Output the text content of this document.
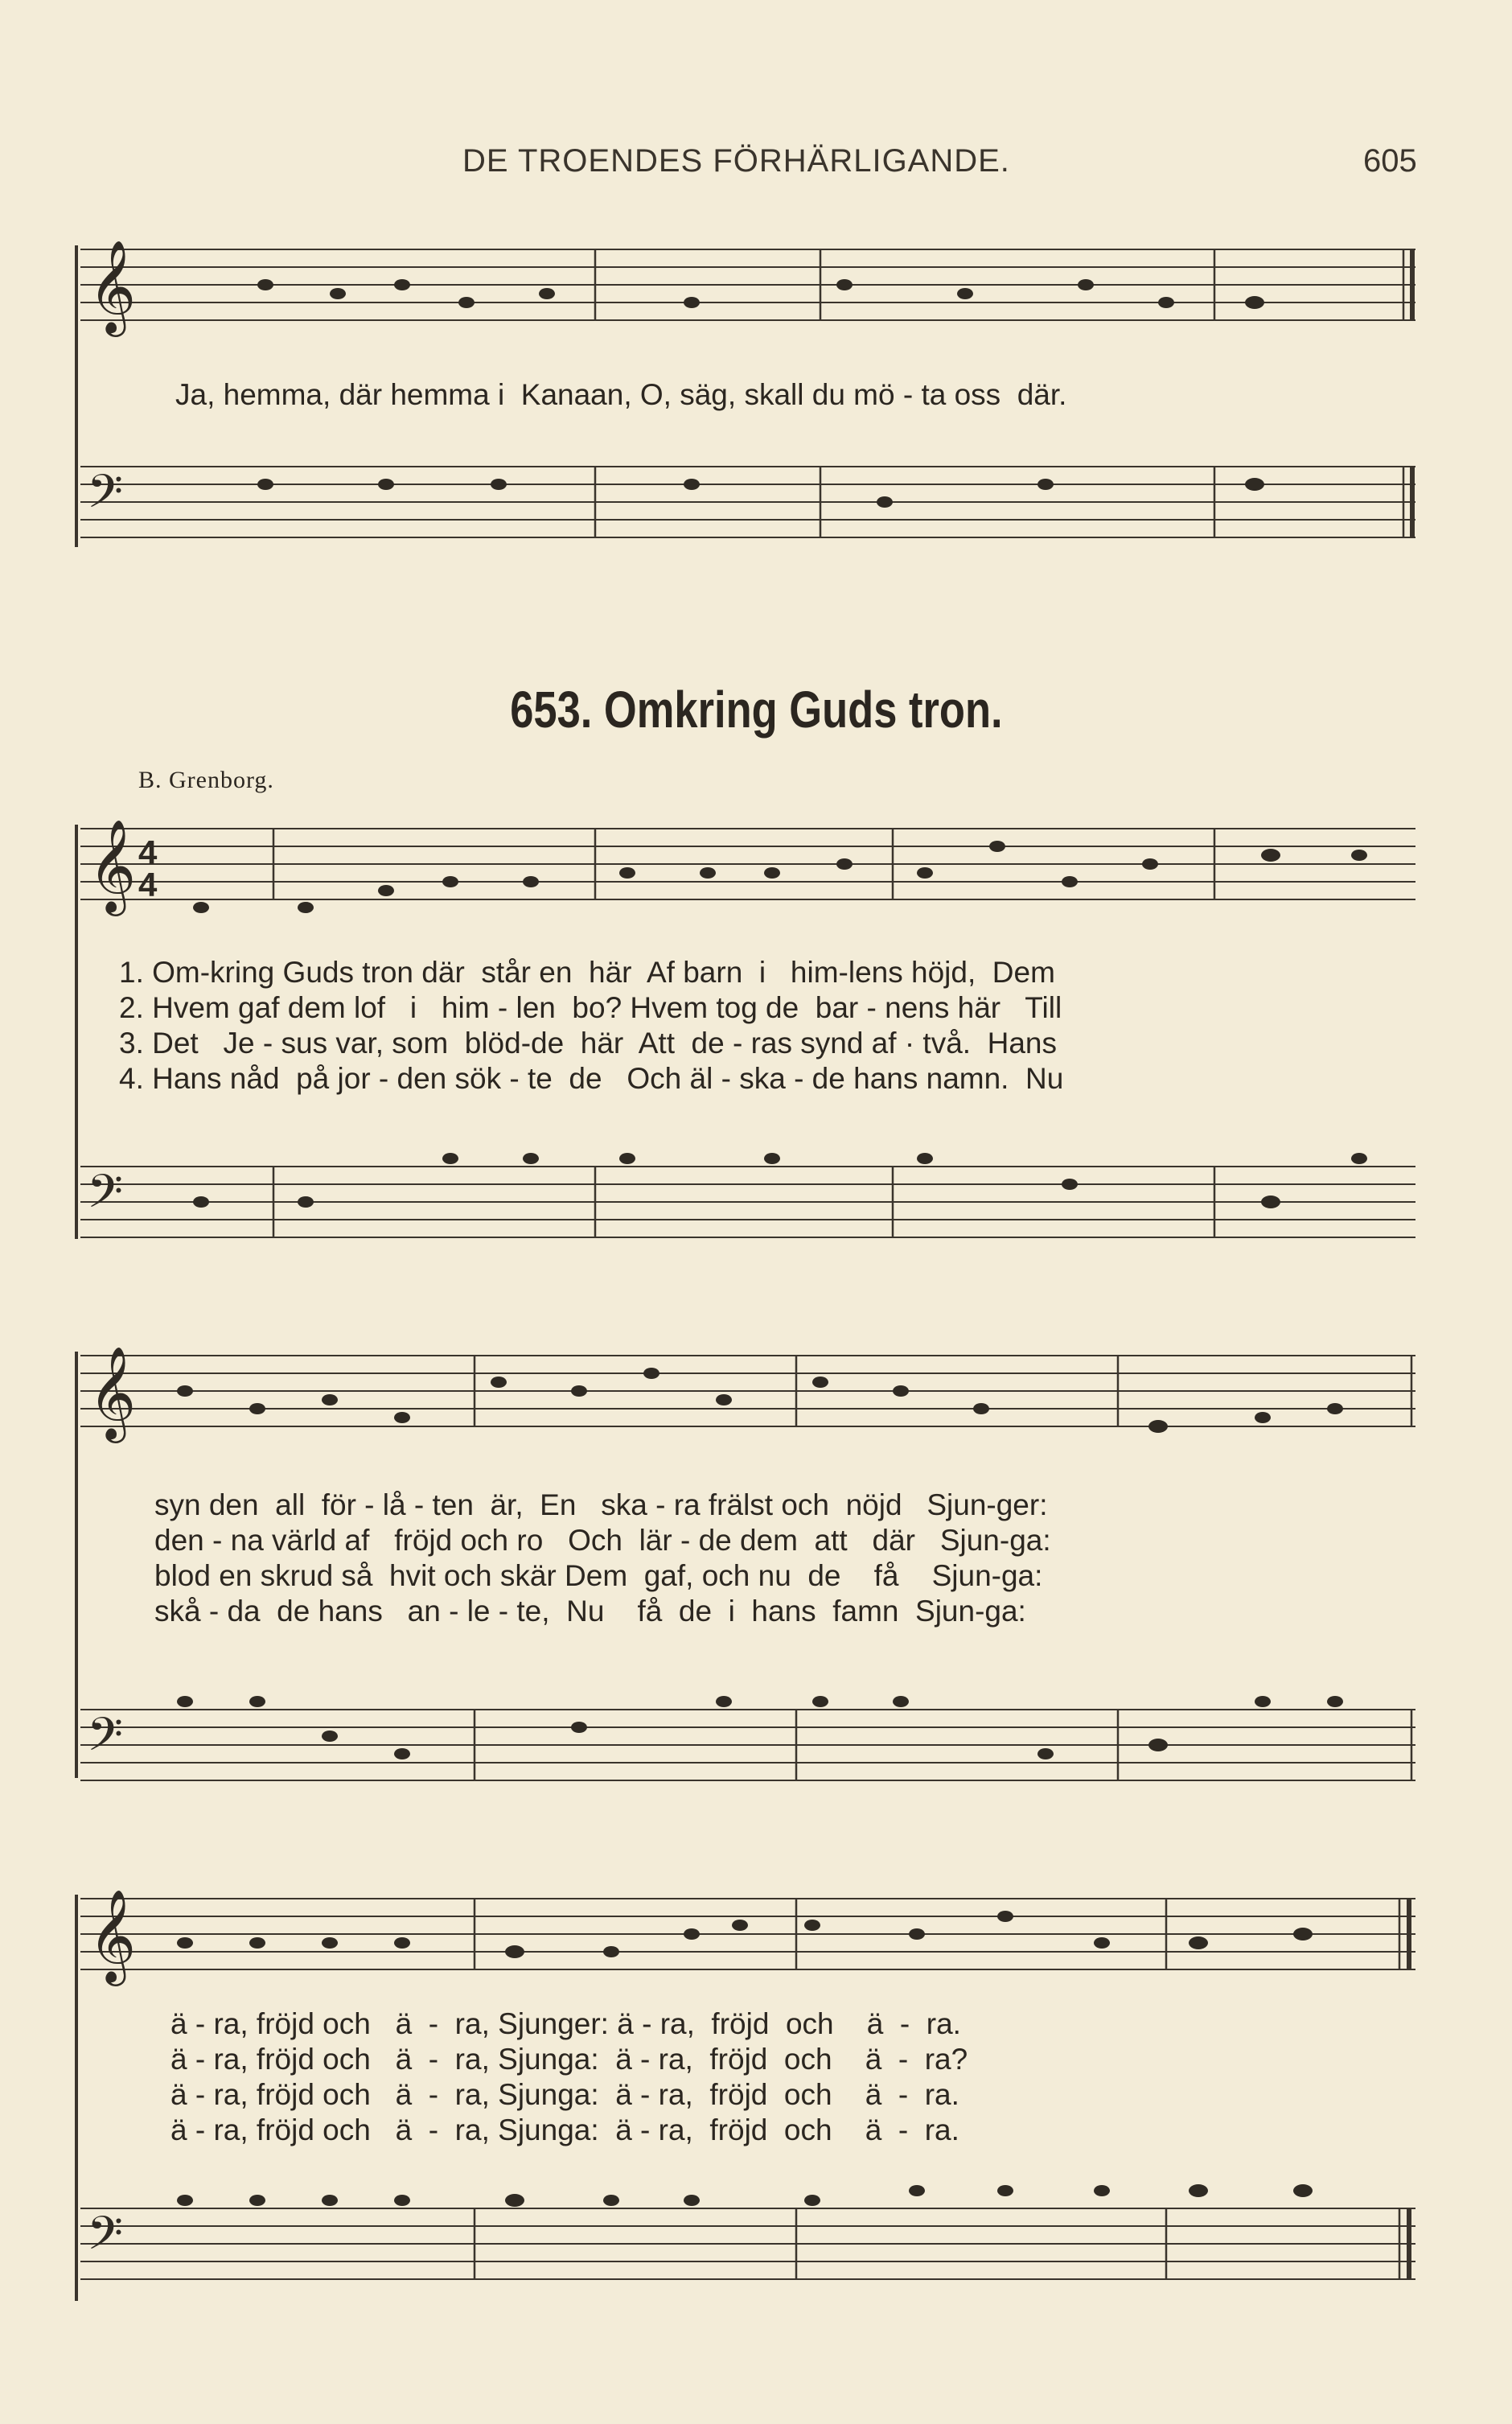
DE TROENDES FÖRHÄRLIGANDE.	605
𝄞
Ja, hemma, där hemma i  Kanaan, O, säg, skall du mö - ta oss  där.
𝄢
653. Omkring Guds tron.
B. Grenborg.
𝄞 4
4
1. Om-kring Guds tron där  står en  här  Af barn  i   him-lens höjd,  Dem
2. Hvem gaf dem lof   i   him - len  bo? Hvem tog de  bar - nens här   Till
3. Det   Je - sus var, som  blöd-de  här  Att  de - ras synd af · två.  Hans
4. Hans nåd  på jor - den sök - te  de   Och äl - ska - de hans namn.  Nu
𝄢
𝄞
syn den  all  för - lå - ten  är,  En   ska - ra frälst och  nöjd   Sjun-ger:
den - na värld af   fröjd och ro   Och  lär - de dem  att   där   Sjun-ga:
blod en skrud så  hvit och skär Dem  gaf, och nu  de    få    Sjun-ga:
skå - da  de hans   an - le - te,  Nu    få  de  i  hans  famn  Sjun-ga:
𝄢
𝄞
ä - ra, fröjd och   ä  -  ra, Sjunger: ä - ra,  fröjd  och    ä  -  ra.
ä - ra, fröjd och   ä  -  ra, Sjunga:  ä - ra,  fröjd  och    ä  -  ra?
ä - ra, fröjd och   ä  -  ra, Sjunga:  ä - ra,  fröjd  och    ä  -  ra.
ä - ra, fröjd och   ä  -  ra, Sjunga:  ä - ra,  fröjd  och    ä  -  ra.
𝄢
